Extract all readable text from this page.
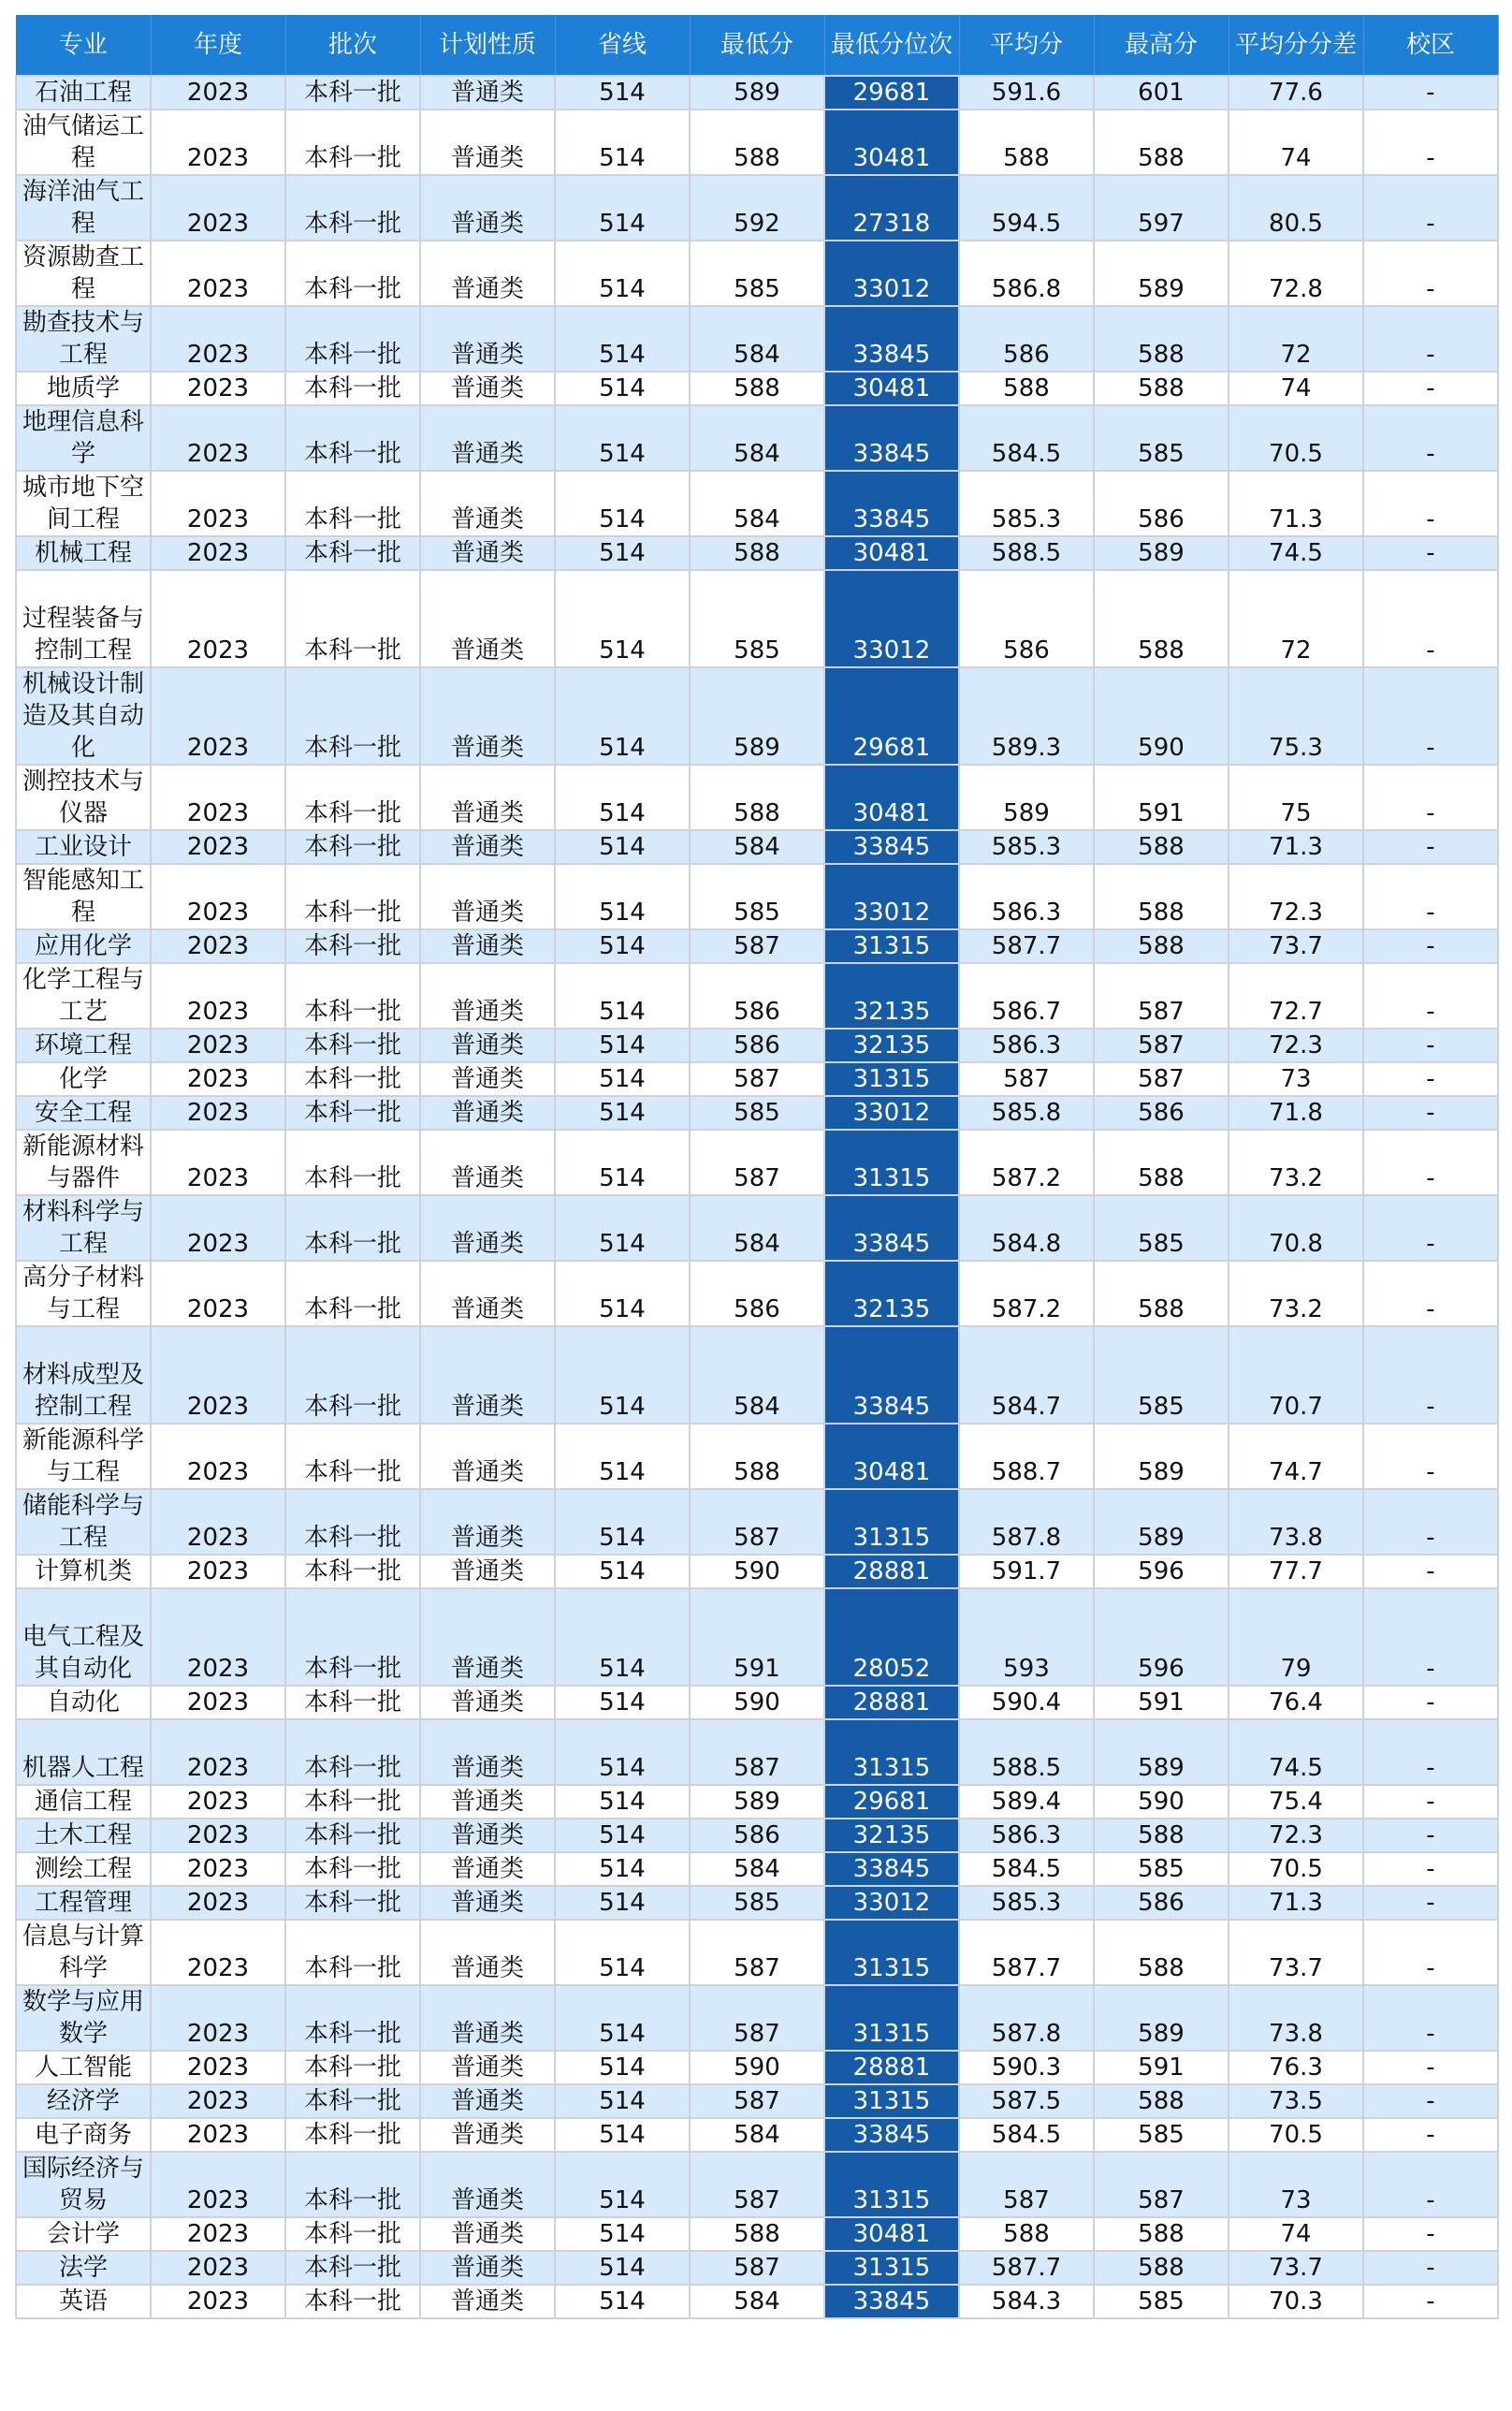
专业	年度	批次	计划性质	省线	最低分	最低分位次	平均分	最高分	平均分分差	校区
石油工程	2023	本科一批	普通类	514	589	29681	591.6	601	77.6	-
油气储运工程	2023	本科一批	普通类	514	588	30481	588	588	74	-
海洋油气工程	2023	本科一批	普通类	514	592	27318	594.5	597	80.5	-
资源勘查工程	2023	本科一批	普通类	514	585	33012	586.8	589	72.8	-
勘查技术与工程	2023	本科一批	普通类	514	584	33845	586	588	72	-
地质学	2023	本科一批	普通类	514	588	30481	588	588	74	-
地理信息科学	2023	本科一批	普通类	514	584	33845	584.5	585	70.5	-
城市地下空间工程	2023	本科一批	普通类	514	584	33845	585.3	586	71.3	-
机械工程	2023	本科一批	普通类	514	588	30481	588.5	589	74.5	-
过程装备与控制工程	2023	本科一批	普通类	514	585	33012	586	588	72	-
机械设计制造及其自动化	2023	本科一批	普通类	514	589	29681	589.3	590	75.3	-
测控技术与仪器	2023	本科一批	普通类	514	588	30481	589	591	75	-
工业设计	2023	本科一批	普通类	514	584	33845	585.3	588	71.3	-
智能感知工程	2023	本科一批	普通类	514	585	33012	586.3	588	72.3	-
应用化学	2023	本科一批	普通类	514	587	31315	587.7	588	73.7	-
化学工程与工艺	2023	本科一批	普通类	514	586	32135	586.7	587	72.7	-
环境工程	2023	本科一批	普通类	514	586	32135	586.3	587	72.3	-
化学	2023	本科一批	普通类	514	587	31315	587	587	73	-
安全工程	2023	本科一批	普通类	514	585	33012	585.8	586	71.8	-
新能源材料与器件	2023	本科一批	普通类	514	587	31315	587.2	588	73.2	-
材料科学与工程	2023	本科一批	普通类	514	584	33845	584.8	585	70.8	-
高分子材料与工程	2023	本科一批	普通类	514	586	32135	587.2	588	73.2	-
材料成型及控制工程	2023	本科一批	普通类	514	584	33845	584.7	585	70.7	-
新能源科学与工程	2023	本科一批	普通类	514	588	30481	588.7	589	74.7	-
储能科学与工程	2023	本科一批	普通类	514	587	31315	587.8	589	73.8	-
计算机类	2023	本科一批	普通类	514	590	28881	591.7	596	77.7	-
电气工程及其自动化	2023	本科一批	普通类	514	591	28052	593	596	79	-
自动化	2023	本科一批	普通类	514	590	28881	590.4	591	76.4	-
机器人工程	2023	本科一批	普通类	514	587	31315	588.5	589	74.5	-
通信工程	2023	本科一批	普通类	514	589	29681	589.4	590	75.4	-
土木工程	2023	本科一批	普通类	514	586	32135	586.3	588	72.3	-
测绘工程	2023	本科一批	普通类	514	584	33845	584.5	585	70.5	-
工程管理	2023	本科一批	普通类	514	585	33012	585.3	586	71.3	-
信息与计算科学	2023	本科一批	普通类	514	587	31315	587.7	588	73.7	-
数学与应用数学	2023	本科一批	普通类	514	587	31315	587.8	589	73.8	-
人工智能	2023	本科一批	普通类	514	590	28881	590.3	591	76.3	-
经济学	2023	本科一批	普通类	514	587	31315	587.5	588	73.5	-
电子商务	2023	本科一批	普通类	514	584	33845	584.5	585	70.5	-
国际经济与贸易	2023	本科一批	普通类	514	587	31315	587	587	73	-
会计学	2023	本科一批	普通类	514	588	30481	588	588	74	-
法学	2023	本科一批	普通类	514	587	31315	587.7	588	73.7	-
英语	2023	本科一批	普通类	514	584	33845	584.3	585	70.3	-
